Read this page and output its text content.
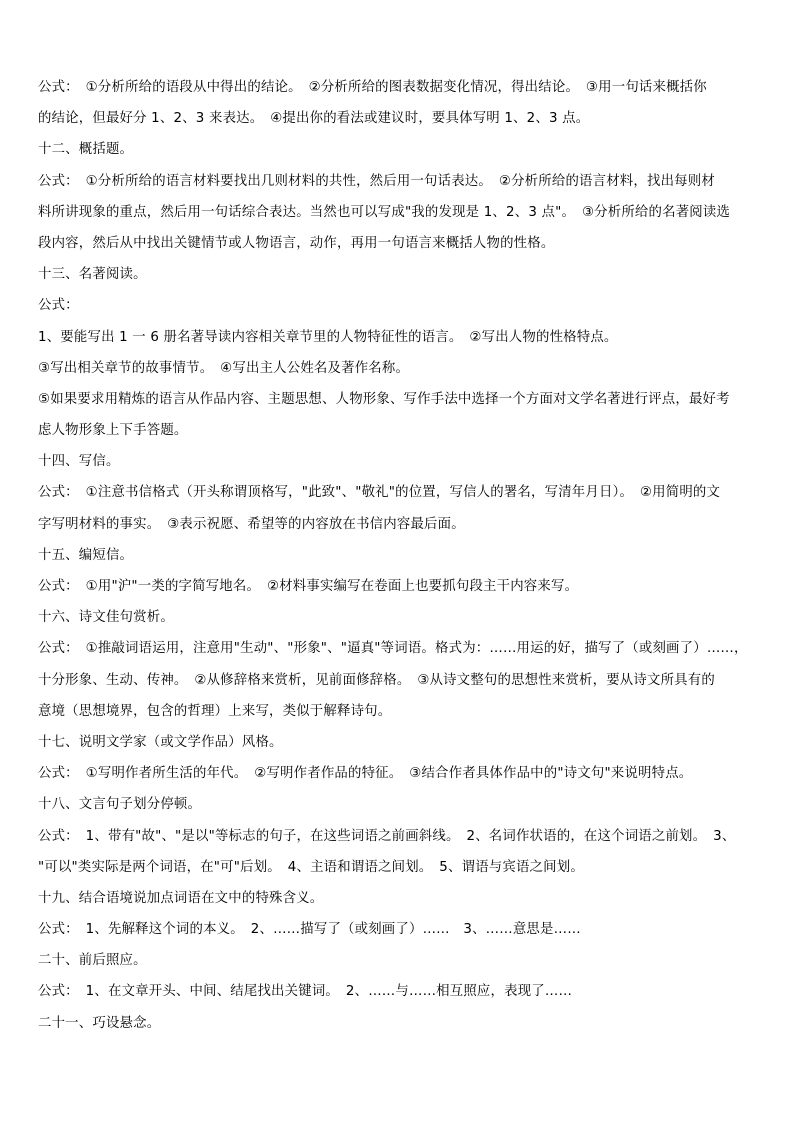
公式：　①分析所给的语段从中得出的结论。　②分析所给的图表数据变化情况，得出结论。　③用一句话来概括你
的结论，但最好分 1、2、3 来表达。　④提出你的看法或建议时，要具体写明 1、2、3 点。
十二、概括题。
公式：　①分析所给的语言材料要找出几则材料的共性，然后用一句话表达。　②分析所给的语言材料，找出每则材
料所讲现象的重点，然后用一句话综合表达。当然也可以写成"我的发现是 1、2、3 点"。　③分析所给的名著阅读选
段内容，然后从中找出关键情节或人物语言，动作，再用一句语言来概括人物的性格。
十三、名著阅读。
公式：
1、要能写出 1 一 6 册名著导读内容相关章节里的人物特征性的语言。　②写出人物的性格特点。
③写出相关章节的故事情节。　④写出主人公姓名及著作名称。
⑤如果要求用精炼的语言从作品内容、主题思想、人物形象、写作手法中选择一个方面对文学名著进行评点，最好考
虑人物形象上下手答题。
十四、写信。
公式：　①注意书信格式（开头称谓顶格写，"此致"、"敬礼"的位置，写信人的署名，写清年月日）。　②用简明的文
字写明材料的事实。　③表示祝愿、希望等的内容放在书信内容最后面。
十五、编短信。
公式：　①用"沪"一类的字简写地名。　②材料事实编写在卷面上也要抓句段主干内容来写。
十六、诗文佳句赏析。
公式：　①推敲词语运用，注意用"生动"、"形象"、"逼真"等词语。格式为：……用运的好，描写了（或刻画了）……，
十分形象、生动、传神。　②从修辞格来赏析，见前面修辞格。　③从诗文整句的思想性来赏析，要从诗文所具有的
意境（思想境界，包含的哲理）上来写，类似于解释诗句。
十七、说明文学家（或文学作品）风格。
公式：　①写明作者所生活的年代。　②写明作者作品的特征。　③结合作者具体作品中的"诗文句"来说明特点。
十八、文言句子划分停顿。
公式：　1、带有"故"、"是以"等标志的句子，在这些词语之前画斜线。　2、名词作状语的，在这个词语之前划。　3、
"可以"类实际是两个词语，在"可"后划。　4、主语和谓语之间划。　5、谓语与宾语之间划。
十九、结合语境说加点词语在文中的特殊含义。
公式：　1、先解释这个词的本义。　2、……描写了（或刻画了）……　3、……意思是……
二十、前后照应。
公式：　1、在文章开头、中间、结尾找出关键词。　2、……与……相互照应，表现了……
二十一、巧设悬念。
